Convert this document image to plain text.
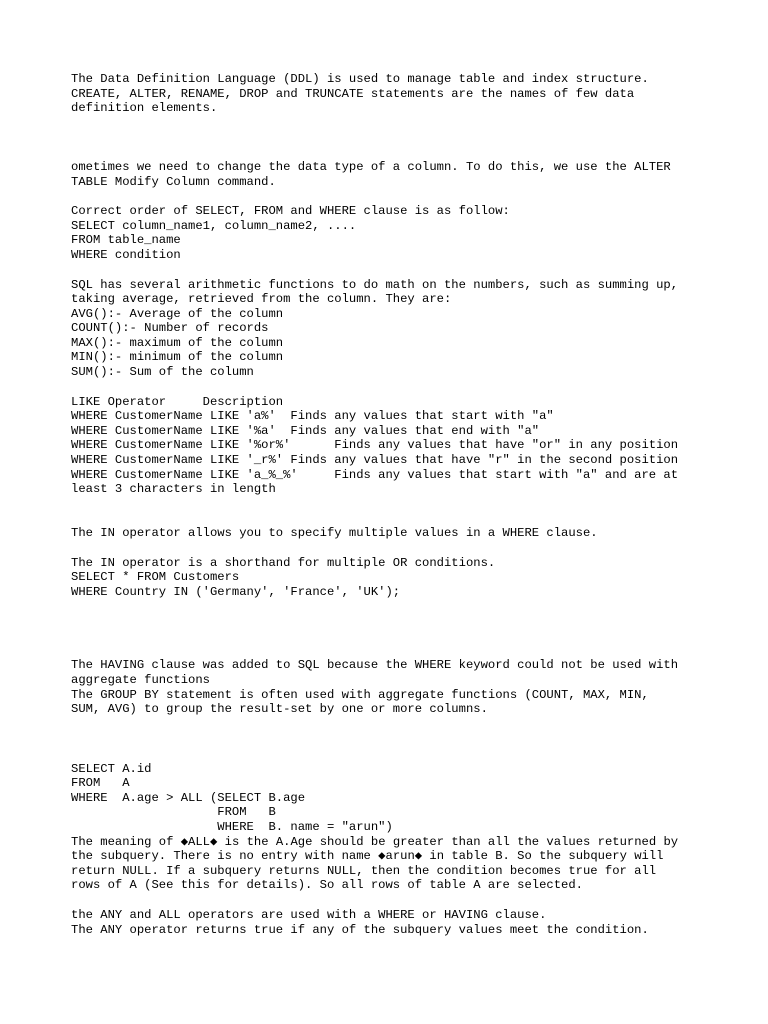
The Data Definition Language (DDL) is used to manage table and index structure.
CREATE, ALTER, RENAME, DROP and TRUNCATE statements are the names of few data
definition elements.
ometimes we need to change the data type of a column. To do this, we use the ALTER
TABLE Modify Column command.
Correct order of SELECT, FROM and WHERE clause is as follow:
SELECT column_name1, column_name2, ....
FROM table_name
WHERE condition
SQL has several arithmetic functions to do math on the numbers, such as summing up,
taking average, retrieved from the column. They are:
AVG():- Average of the column
COUNT():- Number of records
MAX():- maximum of the column
MIN():- minimum of the column
SUM():- Sum of the column
LIKE Operator     Description
WHERE CustomerName LIKE 'a%'  Finds any values that start with "a"
WHERE CustomerName LIKE '%a'  Finds any values that end with "a"
WHERE CustomerName LIKE '%or%'      Finds any values that have "or" in any position
WHERE CustomerName LIKE '_r%' Finds any values that have "r" in the second position
WHERE CustomerName LIKE 'a_%_%'     Finds any values that start with "a" and are at
least 3 characters in length
The IN operator allows you to specify multiple values in a WHERE clause.
The IN operator is a shorthand for multiple OR conditions.
SELECT * FROM Customers
WHERE Country IN ('Germany', 'France', 'UK');
The HAVING clause was added to SQL because the WHERE keyword could not be used with
aggregate functions
The GROUP BY statement is often used with aggregate functions (COUNT, MAX, MIN,
SUM, AVG) to group the result-set by one or more columns.
SELECT A.id
FROM   A
WHERE  A.age > ALL (SELECT B.age
FROM   B
WHERE  B. name = "arun")
The meaning of ◆ALL◆ is the A.Age should be greater than all the values returned by
the subquery. There is no entry with name ◆arun◆ in table B. So the subquery will
return NULL. If a subquery returns NULL, then the condition becomes true for all
rows of A (See this for details). So all rows of table A are selected.
the ANY and ALL operators are used with a WHERE or HAVING clause.
The ANY operator returns true if any of the subquery values meet the condition.
